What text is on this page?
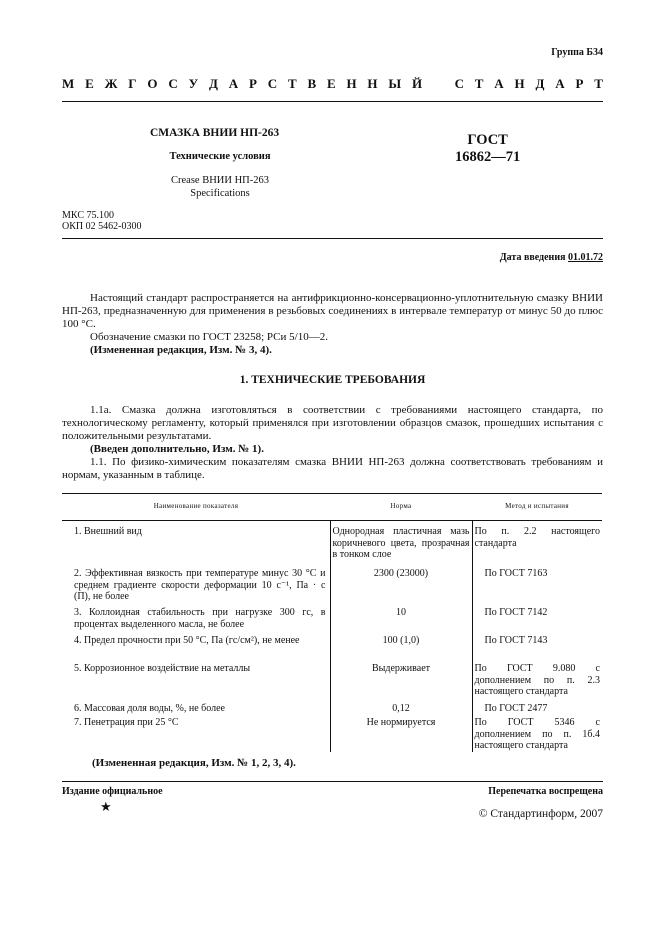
Группа Б34
М Е Ж Г О С У Д А Р С Т В Е Н Н Ы Й С Т А Н Д А Р Т
СМАЗКА ВНИИ НП-263
Технические условия
Crease ВНИИ НП-263
Specifications
ГОСТ
16862—71
МКС 75.100
ОКП 02 5462-0300
Дата введения 01.01.72

Настоящий стандарт распространяется на антифрикционно-консервационно-уплотнительную смазку ВНИИ НП-263, предназначенную для применения в резьбовых соединениях в интервале температур от минус 50 до плюс 100 °С.

Обозначение смазки по ГОСТ 23258; РСи 5/10—2.

(Измененная редакция, Изм. № 3, 4).

1. ТЕХНИЧЕСКИЕ ТРЕБОВАНИЯ

1.1а. Смазка должна изготовляться в соответствии с требованиями настоящего стандарта, по технологическому регламенту, который применялся при изготовлении образцов смазок, прошедших испытания с положительными результатами.

(Введен дополнительно, Изм. № 1).

1.1. По физико-химическим показателям смазка ВНИИ НП-263 должна соответствовать требованиям и нормам, указанным в таблице.

Наименование показателя	Норма	Метод и испытания
1. Внешний вид	Однородная пластичная мазь коричневого цвета, прозрачная в тонком слое	По п. 2.2 настоящего стандарта
2. Эффективная вязкость при температуре минус 30 °С и среднем градиенте скорости деформации 10 с⁻¹, Па · с (П), не более	2300 (23000)	По ГОСТ 7163
3. Коллоидная стабильность при нагрузке 300 гс, в процентах выделенного масла, не более	10	По ГОСТ 7142
4. Предел прочности при 50 °С, Па (гс/см²), не менее	100 (1,0)	По ГОСТ 7143
5. Коррозионное воздействие на металлы	Выдерживает	По ГОСТ 9.080 с дополнением по п. 2.3 настоящего стандарта
6. Массовая доля воды, %, не более	0,12	По ГОСТ 2477
7. Пенетрация при 25 °С	Не нормируется	По ГОСТ 5346 с дополнением по п. 1б.4 настоящего стандарта
(Измененная редакция, Изм. № 1, 2, 3, 4).
Издание официальное	Перепечатка воспрещена
★	© Стандартинформ, 2007
